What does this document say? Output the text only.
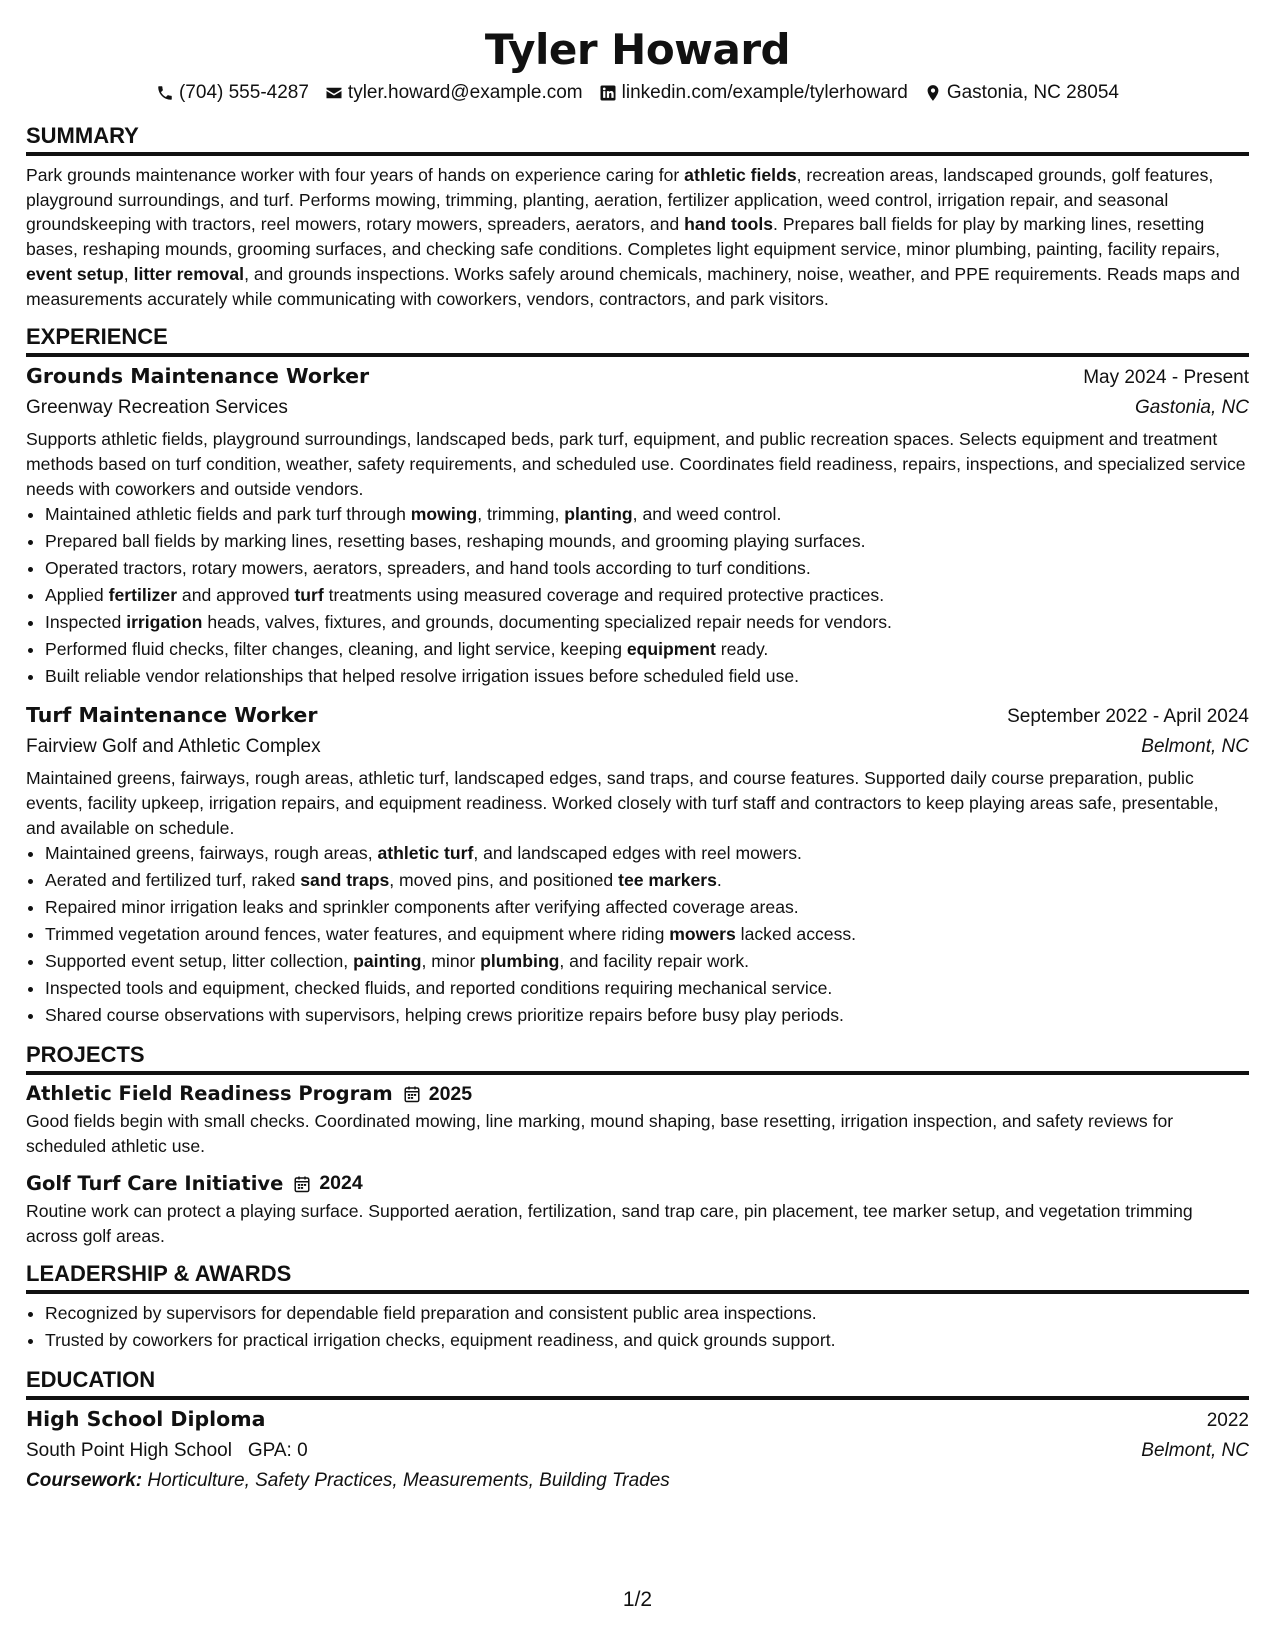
Tyler Howard
(704) 555-4287 tyler.howard@example.com linkedin.com/example/tylerhoward Gastonia, NC 28054
SUMMARY

Park grounds maintenance worker with four years of hands on experience caring for athletic fields, recreation areas, landscaped grounds, golf features, playground surroundings, and turf. Performs mowing, trimming, planting, aeration, fertilizer application, weed control, irrigation repair, and seasonal groundskeeping with tractors, reel mowers, rotary mowers, spreaders, aerators, and hand tools. Prepares ball fields for play by marking lines, resetting bases, reshaping mounds, grooming surfaces, and checking safe conditions. Completes light equipment service, minor plumbing, painting, facility repairs, event setup, litter removal, and grounds inspections. Works safely around chemicals, machinery, noise, weather, and PPE requirements. Reads maps and measurements accurately while communicating with coworkers, vendors, contractors, and park visitors.

EXPERIENCE
Grounds Maintenance Worker	May 2024 - Present
Greenway Recreation Services	Gastonia, NC

Supports athletic fields, playground surroundings, landscaped beds, park turf, equipment, and public recreation spaces. Selects equipment and treatment methods based on turf condition, weather, safety requirements, and scheduled use. Coordinates field readiness, repairs, inspections, and specialized service needs with coworkers and outside vendors.

• Maintained athletic fields and park turf through mowing, trimming, planting, and weed control.
• Prepared ball fields by marking lines, resetting bases, reshaping mounds, and grooming playing surfaces.
• Operated tractors, rotary mowers, aerators, spreaders, and hand tools according to turf conditions.
• Applied fertilizer and approved turf treatments using measured coverage and required protective practices.
• Inspected irrigation heads, valves, fixtures, and grounds, documenting specialized repair needs for vendors.
• Performed fluid checks, filter changes, cleaning, and light service, keeping equipment ready.
• Built reliable vendor relationships that helped resolve irrigation issues before scheduled field use.
Turf Maintenance Worker	September 2022 - April 2024
Fairview Golf and Athletic Complex	Belmont, NC

Maintained greens, fairways, rough areas, athletic turf, landscaped edges, sand traps, and course features. Supported daily course preparation, public events, facility upkeep, irrigation repairs, and equipment readiness. Worked closely with turf staff and contractors to keep playing areas safe, presentable, and available on schedule.

• Maintained greens, fairways, rough areas, athletic turf, and landscaped edges with reel mowers.
• Aerated and fertilized turf, raked sand traps, moved pins, and positioned tee markers.
• Repaired minor irrigation leaks and sprinkler components after verifying affected coverage areas.
• Trimmed vegetation around fences, water features, and equipment where riding mowers lacked access.
• Supported event setup, litter collection, painting, minor plumbing, and facility repair work.
• Inspected tools and equipment, checked fluids, and reported conditions requiring mechanical service.
• Shared course observations with supervisors, helping crews prioritize repairs before busy play periods.
PROJECTS
Athletic Field Readiness Program 2025

Good fields begin with small checks. Coordinated mowing, line marking, mound shaping, base resetting, irrigation inspection, and safety reviews for scheduled athletic use.

Golf Turf Care Initiative 2024

Routine work can protect a playing surface. Supported aeration, fertilization, sand trap care, pin placement, tee marker setup, and vegetation trimming across golf areas.

LEADERSHIP & AWARDS
• Recognized by supervisors for dependable field preparation and consistent public area inspections.
• Trusted by coworkers for practical irrigation checks, equipment readiness, and quick grounds support.
EDUCATION
High School Diploma	2022
South Point High School GPA: 0	Belmont, NC
Coursework: Horticulture, Safety Practices, Measurements, Building Trades
1/2
